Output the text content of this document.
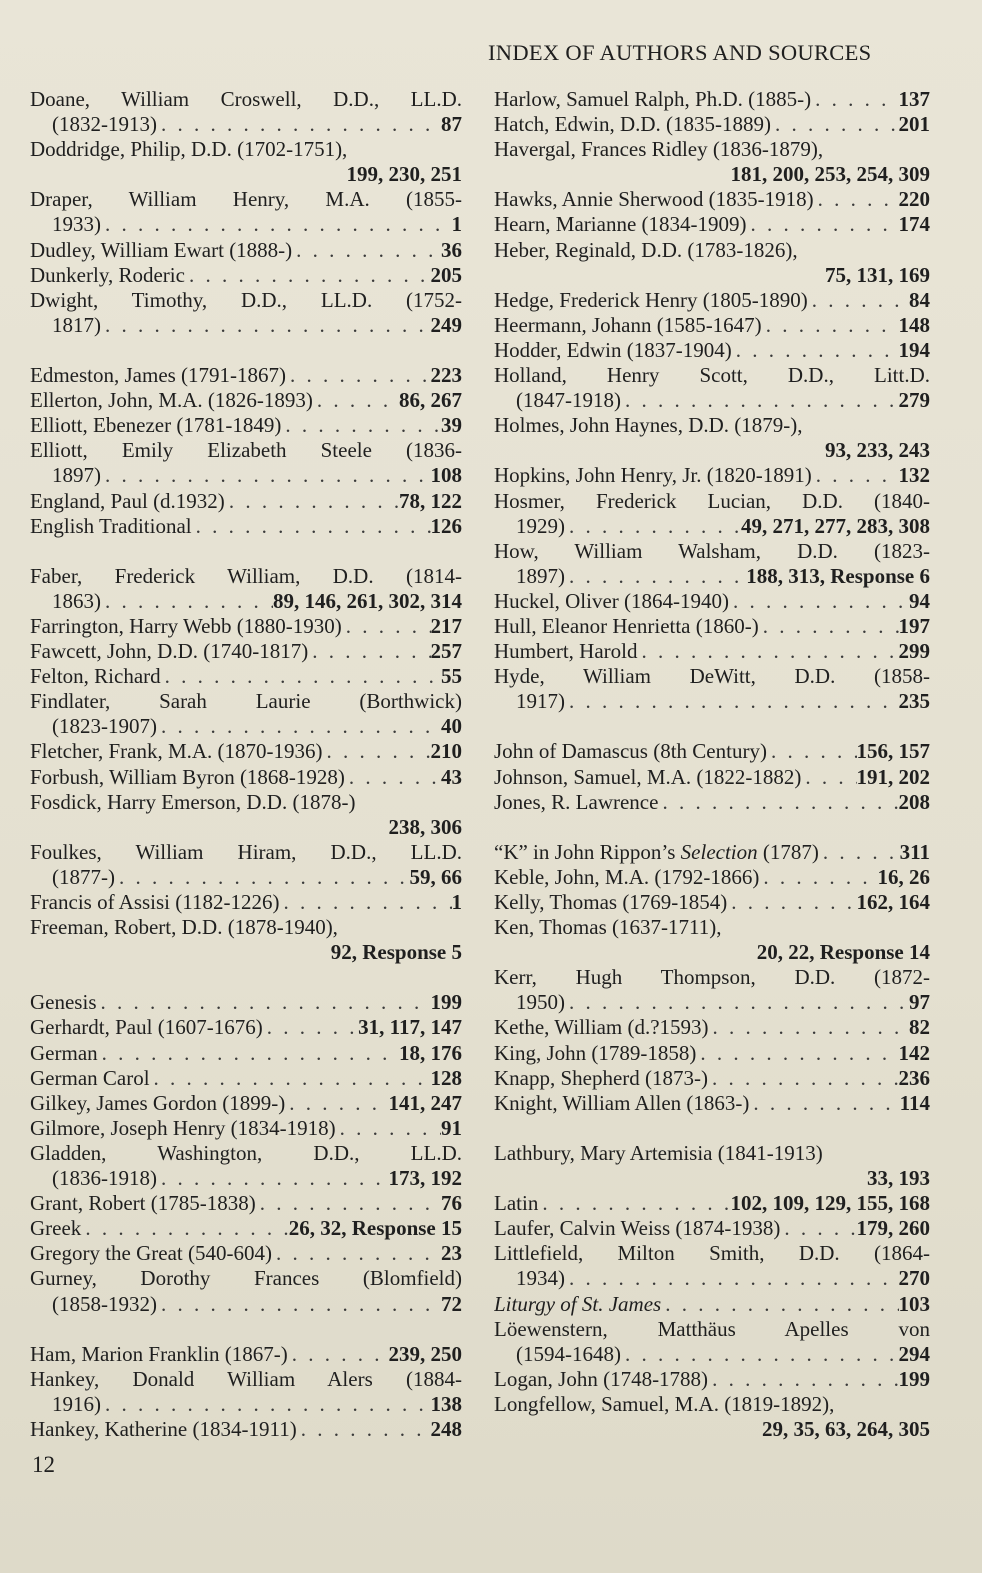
INDEX OF AUTHORS AND SOURCES
Doane, William Croswell, D.D., LL.D.
(1832-1913) . . .	87
Doddridge, Philip, D.D. (1702-1751),
199, 230, 251
Draper, William Henry, M.A. (1855-
1933) . . .	1
Dudley, William Ewart (1888-) . . .	36
Dunkerly, Roderic . . .	205
Dwight, Timothy, D.D., LL.D. (1752-
1817) . . .	249
Edmeston, James (1791-1867) . . .	223
Ellerton, John, M.A. (1826-1893) . . .	86, 267
Elliott, Ebenezer (1781-1849) . . .	39
Elliott, Emily Elizabeth Steele (1836-
1897) . . .	108
England, Paul (d.1932) . . .	78, 122
English Traditional . . .	126
Faber, Frederick William, D.D. (1814-
1863) . . .	89, 146, 261, 302, 314
Farrington, Harry Webb (1880-1930) . . .	217
Fawcett, John, D.D. (1740-1817) . . .	257
Felton, Richard . . .	55
Findlater, Sarah Laurie (Borthwick)
(1823-1907) . . .	40
Fletcher, Frank, M.A. (1870-1936) . . .	210
Forbush, William Byron (1868-1928) . . .	43
Fosdick, Harry Emerson, D.D. (1878-)
238, 306
Foulkes, William Hiram, D.D., LL.D.
(1877-) . . .	59, 66
Francis of Assisi (1182-1226) . . .	1
Freeman, Robert, D.D. (1878-1940),
92, Response 5
Genesis . . .	199
Gerhardt, Paul (1607-1676) . . .	31, 117, 147
German . . .	18, 176
German Carol . . .	128
Gilkey, James Gordon (1899-) . . .	141, 247
Gilmore, Joseph Henry (1834-1918) . . .	91
Gladden, Washington, D.D., LL.D.
(1836-1918) . . .	173, 192
Grant, Robert (1785-1838) . . .	76
Greek . . .	26, 32, Response 15
Gregory the Great (540-604) . . .	23
Gurney, Dorothy Frances (Blomfield)
(1858-1932) . . .	72
Ham, Marion Franklin (1867-) . . .	239, 250
Hankey, Donald William Alers (1884-
1916) . . .	138
Hankey, Katherine (1834-1911) . . .	248
Harlow, Samuel Ralph, Ph.D. (1885-) . . .	137
Hatch, Edwin, D.D. (1835-1889) . . .	201
Havergal, Frances Ridley (1836-1879),
181, 200, 253, 254, 309
Hawks, Annie Sherwood (1835-1918) . . .	220
Hearn, Marianne (1834-1909) . . .	174
Heber, Reginald, D.D. (1783-1826),
75, 131, 169
Hedge, Frederick Henry (1805-1890) . . .	84
Heermann, Johann (1585-1647) . . .	148
Hodder, Edwin (1837-1904) . . .	194
Holland, Henry Scott, D.D., Litt.D.
(1847-1918) . . .	279
Holmes, John Haynes, D.D. (1879-),
93, 233, 243
Hopkins, John Henry, Jr. (1820-1891) . . .	132
Hosmer, Frederick Lucian, D.D. (1840-
1929) . . .	49, 271, 277, 283, 308
How, William Walsham, D.D. (1823-
1897) . . .	188, 313, Response 6
Huckel, Oliver (1864-1940) . . .	94
Hull, Eleanor Henrietta (1860-) . . .	197
Humbert, Harold . . .	299
Hyde, William DeWitt, D.D. (1858-
1917) . . .	235
John of Damascus (8th Century) . . .	156, 157
Johnson, Samuel, M.A. (1822-1882) . . .	191, 202
Jones, R. Lawrence . . .	208
“K” in John Rippon’s Selection (1787) . . .	311
Keble, John, M.A. (1792-1866) . . .	16, 26
Kelly, Thomas (1769-1854) . . .	162, 164
Ken, Thomas (1637-1711),
20, 22, Response 14
Kerr, Hugh Thompson, D.D. (1872-
1950) . . .	97
Kethe, William (d.?1593) . . .	82
King, John (1789-1858) . . .	142
Knapp, Shepherd (1873-) . . .	236
Knight, William Allen (1863-) . . .	114
Lathbury, Mary Artemisia (1841-1913)
33, 193
Latin . . .	102, 109, 129, 155, 168
Laufer, Calvin Weiss (1874-1938) . . .	179, 260
Littlefield, Milton Smith, D.D. (1864-
1934) . . .	270
Liturgy of St. James . . .	103
Löewenstern, Matthäus Apelles von
(1594-1648) . . .	294
Logan, John (1748-1788) . . .	199
Longfellow, Samuel, M.A. (1819-1892),
29, 35, 63, 264, 305
12
